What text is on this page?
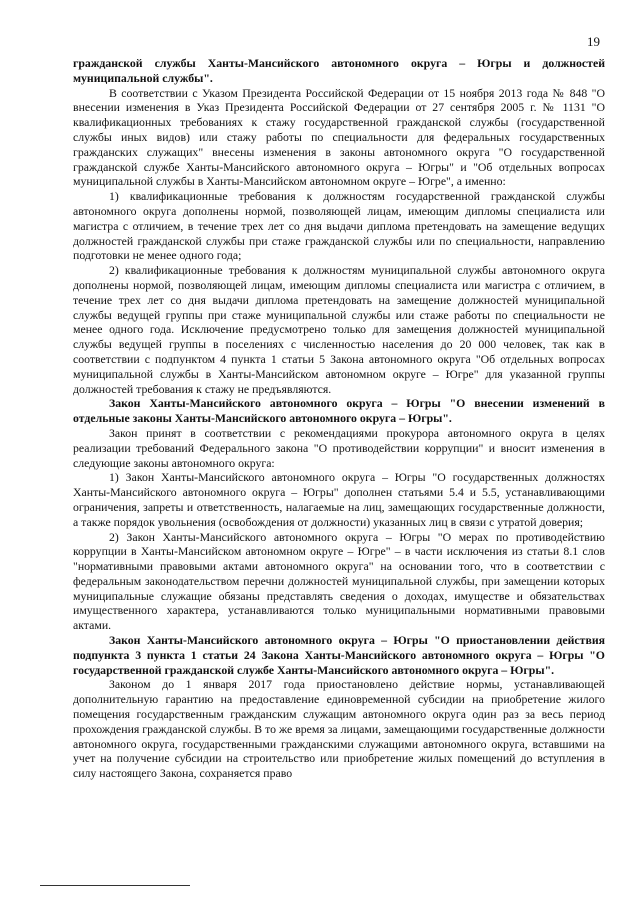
19

гражданской службы Ханты-Мансийского автономного округа – Югры и должностей муниципальной службы".

В соответствии с Указом Президента Российской Федерации от 15 ноября 2013 года № 848 "О внесении изменения в Указ Президента Российской Федерации от 27 сентября 2005 г. № 1131 "О квалификационных требованиях к стажу государственной гражданской службы (государственной службы иных видов) или стажу работы по специальности для федеральных государственных гражданских служащих" внесены изменения в законы автономного округа "О государственной гражданской службе Ханты-Мансийского автономного округа – Югры" и "Об отдельных вопросах муниципальной службы в Ханты-Мансийском автономном округе – Югре", а именно:

1) квалификационные требования к должностям государственной гражданской службы автономного округа дополнены нормой, позволяющей лицам, имеющим дипломы специалиста или магистра с отличием, в течение трех лет со дня выдачи диплома претендовать на замещение ведущих должностей гражданской службы при стаже гражданской службы или по специальности, направлению подготовки не менее одного года;

2) квалификационные требования к должностям муниципальной службы автономного округа дополнены нормой, позволяющей лицам, имеющим дипломы специалиста или магистра с отличием, в течение трех лет со дня выдачи диплома претендовать на замещение должностей муниципальной службы ведущей группы при стаже муниципальной службы или стаже работы по специальности не менее одного года. Исключение предусмотрено только для замещения должностей муниципальной службы ведущей группы в поселениях с численностью населения до 20 000 человек, так как в соответствии с подпунктом 4 пункта 1 статьи 5 Закона автономного округа "Об отдельных вопросах муниципальной службы в Ханты-Мансийском автономном округе – Югре" для указанной группы должностей требования к стажу не предъявляются.

Закон Ханты-Мансийского автономного округа – Югры "О внесении изменений в отдельные законы Ханты-Мансийского автономного округа – Югры".

Закон принят в соответствии с рекомендациями прокурора автономного округа в целях реализации требований Федерального закона "О противодействии коррупции" и вносит изменения в следующие законы автономного округа:

1) Закон Ханты-Мансийского автономного округа – Югры "О государственных должностях Ханты-Мансийского автономного округа – Югры" дополнен статьями 5.4 и 5.5, устанавливающими ограничения, запреты и ответственность, налагаемые на лиц, замещающих государственные должности, а также порядок увольнения (освобождения от должности) указанных лиц в связи с утратой доверия;

2) Закон Ханты-Мансийского автономного округа – Югры "О мерах по противодействию коррупции в Ханты-Мансийском автономном округе – Югре" – в части исключения из статьи 8.1 слов "нормативными правовыми актами автономного округа" на основании того, что в соответствии с федеральным законодательством перечни должностей муниципальной службы, при замещении которых муниципальные служащие обязаны представлять сведения о доходах, имуществе и обязательствах имущественного характера, устанавливаются только муниципальными нормативными правовыми актами.

Закон Ханты-Мансийского автономного округа – Югры "О приостановлении действия подпункта 3 пункта 1 статьи 24 Закона Ханты-Мансийского автономного округа – Югры "О государственной гражданской службе Ханты-Мансийского автономного округа – Югры".

Законом до 1 января 2017 года приостановлено действие нормы, устанавливающей дополнительную гарантию на предоставление единовременной субсидии на приобретение жилого помещения государственным гражданским служащим автономного округа один раз за весь период прохождения гражданской службы. В то же время за лицами, замещающими государственные должности автономного округа, государственными гражданскими служащими автономного округа, вставшими на учет на получение субсидии на строительство или приобретение жилых помещений до вступления в силу настоящего Закона, сохраняется право
